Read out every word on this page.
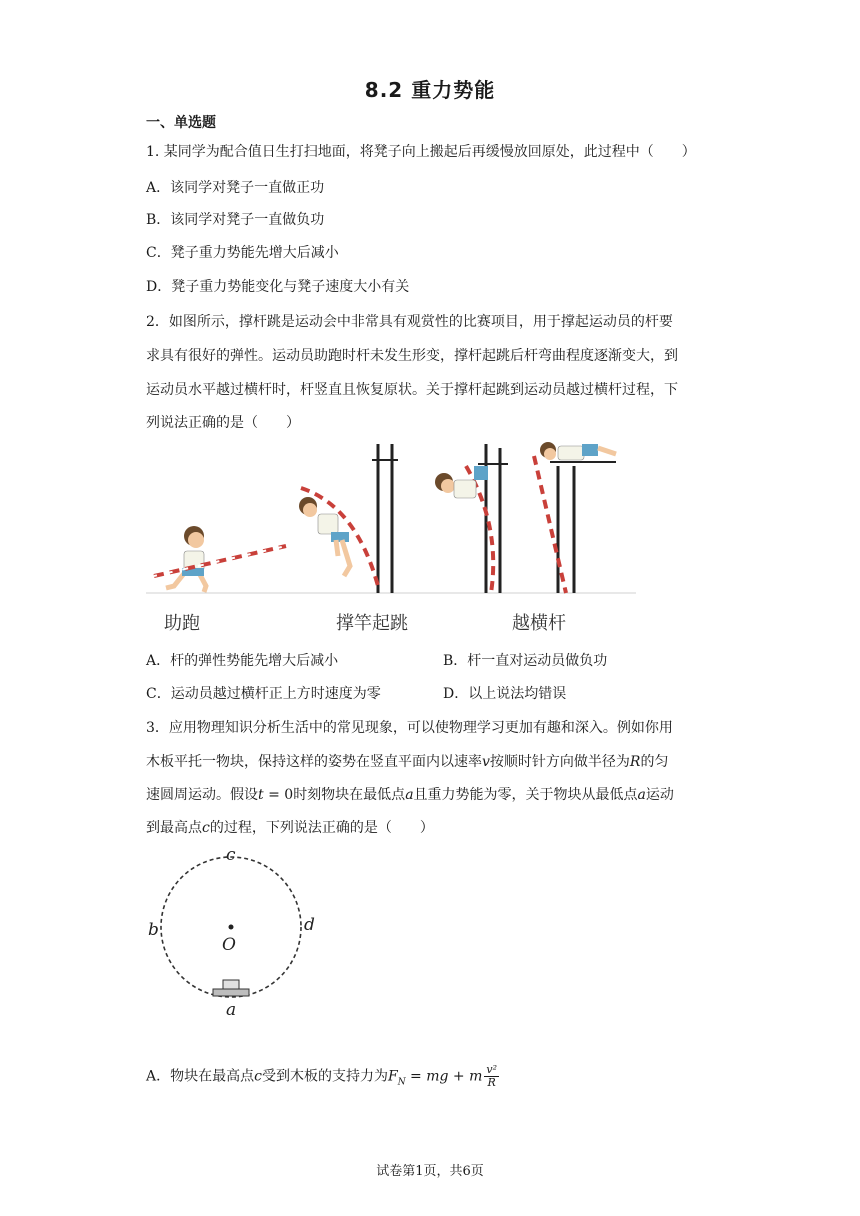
8.2 重力势能
一、单选题
1. 某同学为配合值日生打扫地面，将凳子向上搬起后再缓慢放回原处，此过程中（　　）
A．该同学对凳子一直做正功
B．该同学对凳子一直做负功
C．凳子重力势能先增大后减小
D．凳子重力势能变化与凳子速度大小有关
2．如图所示，撑杆跳是运动会中非常具有观赏性的比赛项目，用于撑起运动员的杆要
求具有很好的弹性。运动员助跑时杆未发生形变，撑杆起跳后杆弯曲程度逐渐变大，到
运动员水平越过横杆时，杆竖直且恢复原状。关于撑杆起跳到运动员越过横杆过程，下
列说法正确的是（　　）
助跑	撑竿起跳	越横杆
A．杆的弹性势能先增大后减小	B．杆一直对运动员做负功
C．运动员越过横杆正上方时速度为零	D．以上说法均错误
3．应用物理知识分析生活中的常见现象，可以使物理学习更加有趣和深入。例如你用
木板平托一物块，保持这样的姿势在竖直平面内以速率v按顺时针方向做半径为R的匀
速圆周运动。假设t = 0时刻物块在最低点a且重力势能为零，关于物块从最低点a运动
到最高点c的过程，下列说法正确的是（　　）
c
b	d
O
a
A．物块在最高点c受到木板的支持力为$F_N$ = mg + m $\frac{\text{v²}}{R}$
试卷第1页，共6页
